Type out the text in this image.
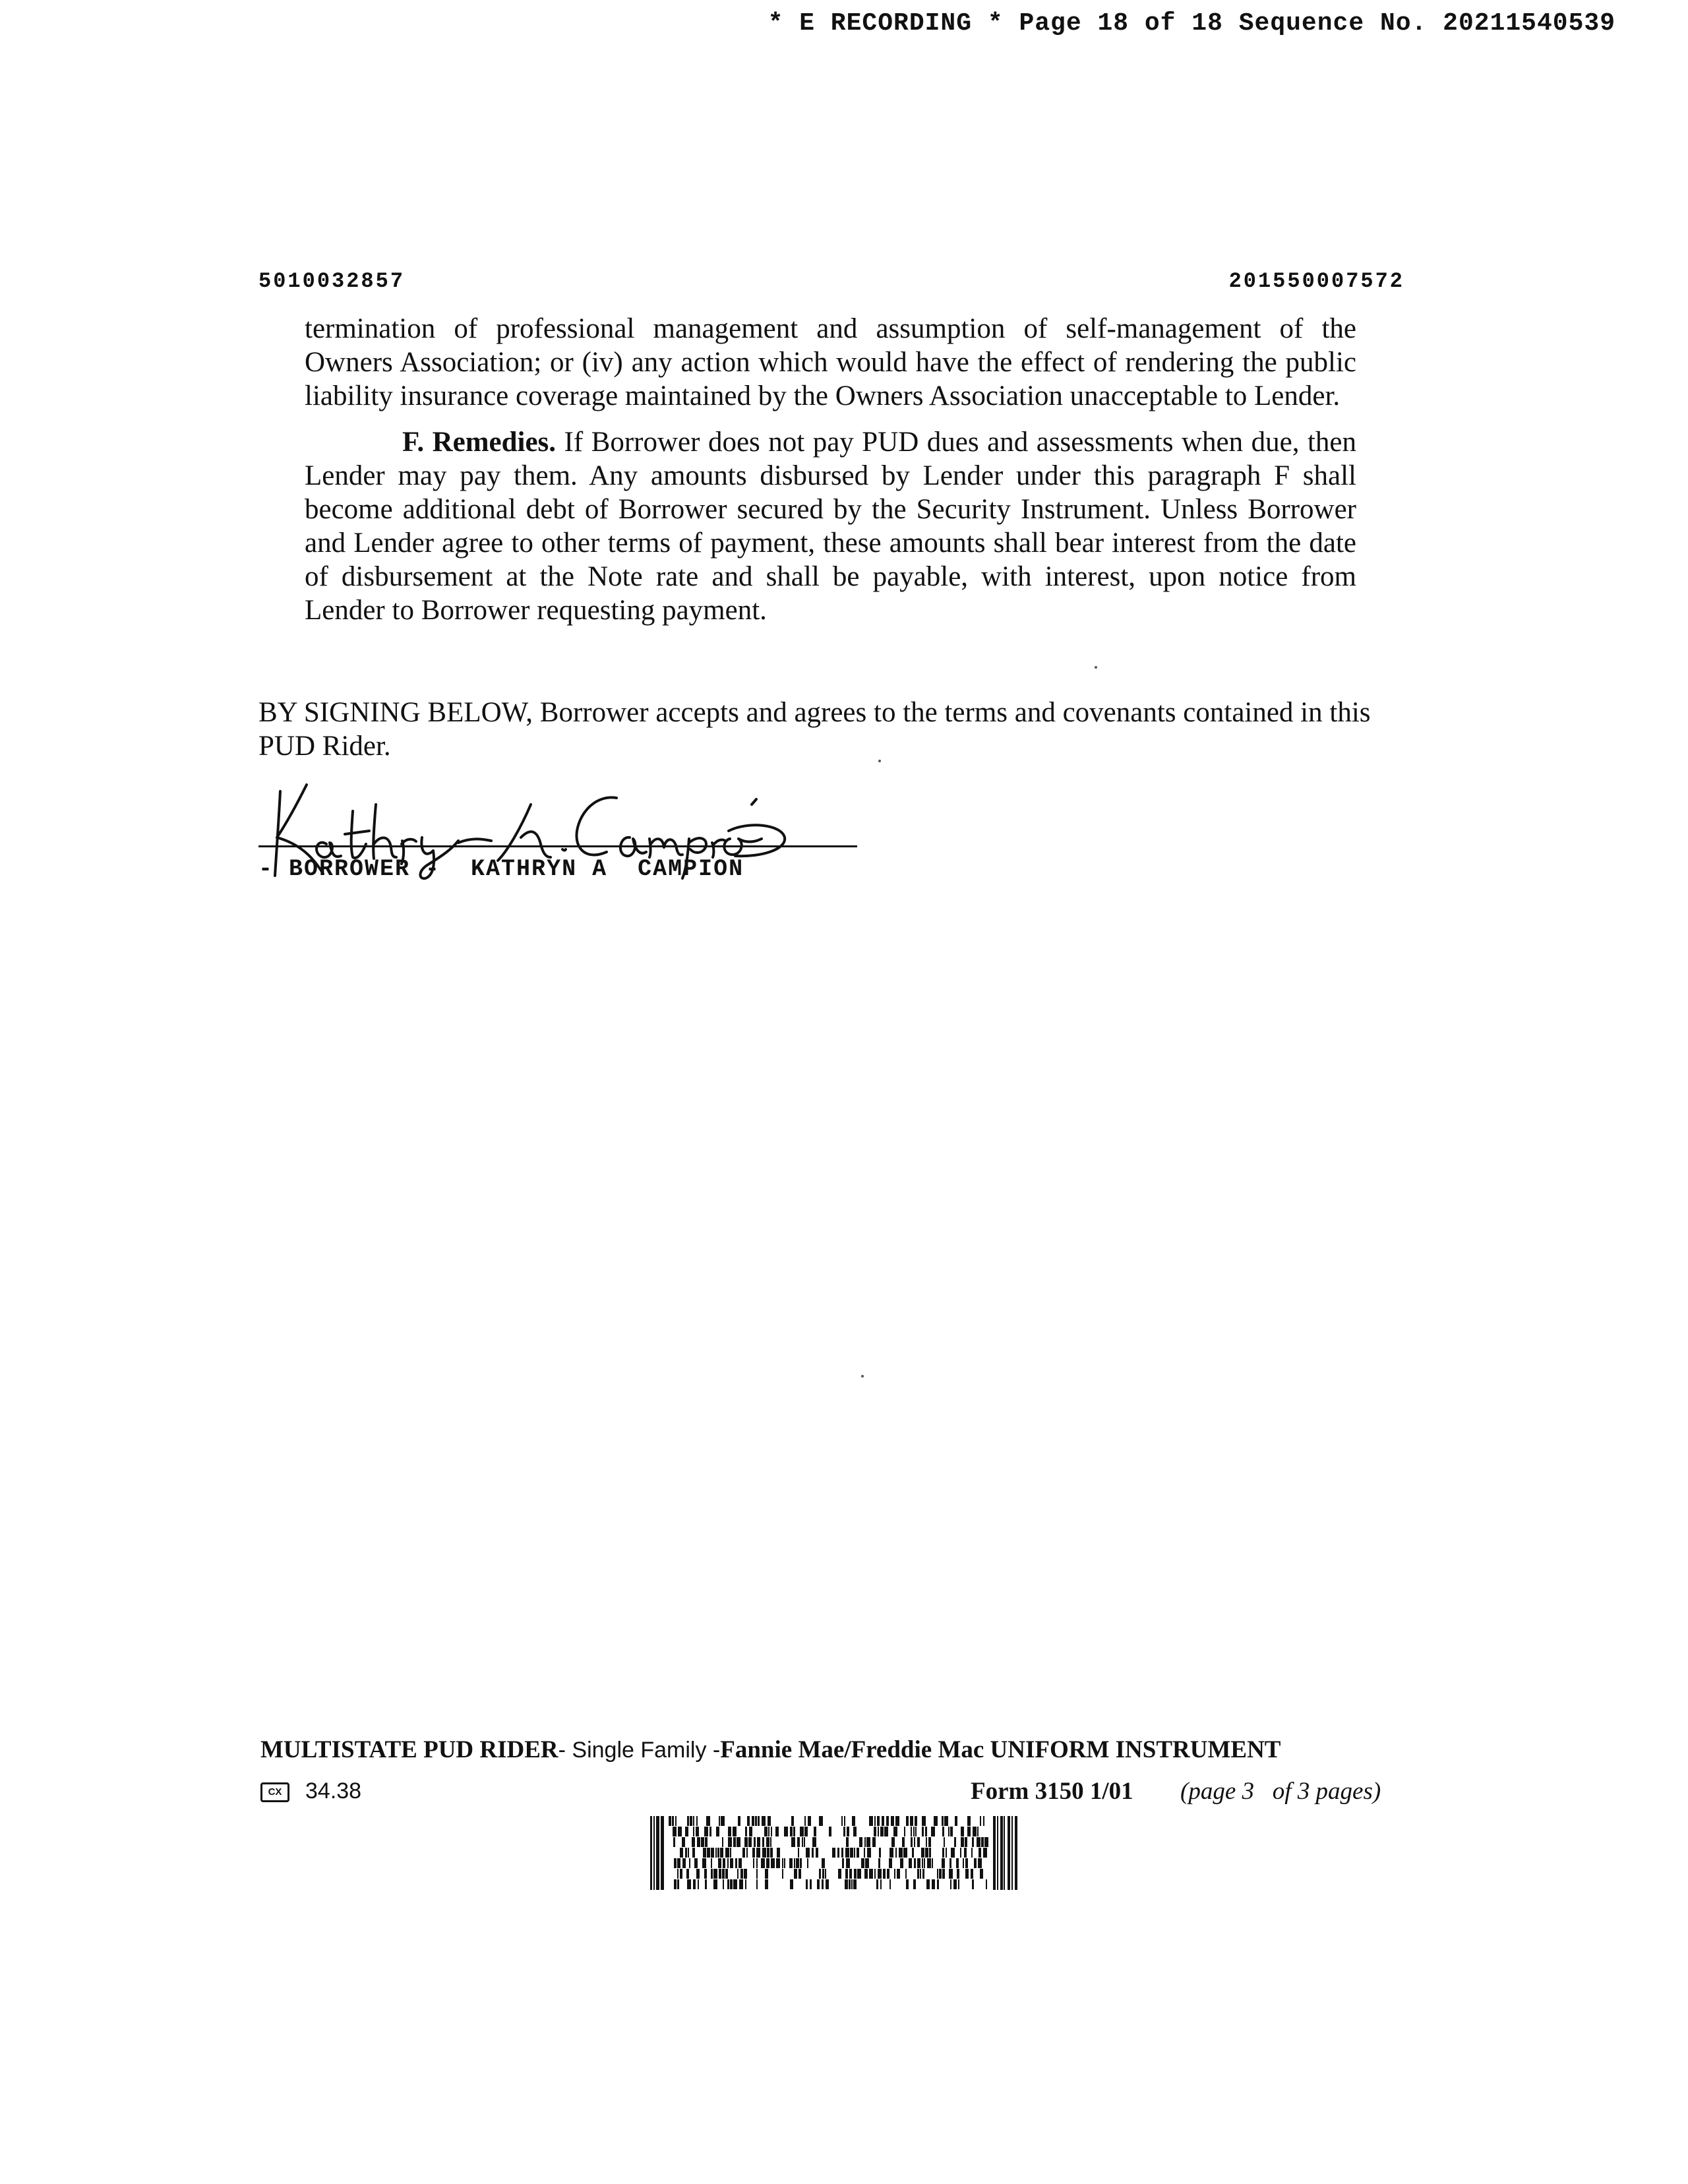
* E RECORDING * Page 18 of 18 Sequence No. 20211540539
5010032857	201550007572
termination of professional management and assumption of self-management of the
Owners Association; or (iv) any action which would have the effect of rendering the public
liability insurance coverage maintained by the Owners Association unacceptable to Lender.
F. Remedies. If Borrower does not pay PUD dues and assessments when due, then
Lender may pay them. Any amounts disbursed by Lender under this paragraph F shall
become additional debt of Borrower secured by the Security Instrument. Unless Borrower
and Lender agree to other terms of payment, these amounts shall bear interest from the date
of disbursement at the Note rate and shall be payable, with interest, upon notice from
Lender to Borrower requesting payment.
BY SIGNING BELOW, Borrower accepts and agrees to the terms and covenants contained in this PUD Rider.
- BORROWER -  KATHRYN A  CAMPION
MULTISTATE PUD RIDER- Single Family -Fannie Mae/Freddie Mac UNIFORM INSTRUMENT
CX	34.38	Form 3150 1/01 (page 3   of 3 pages)
